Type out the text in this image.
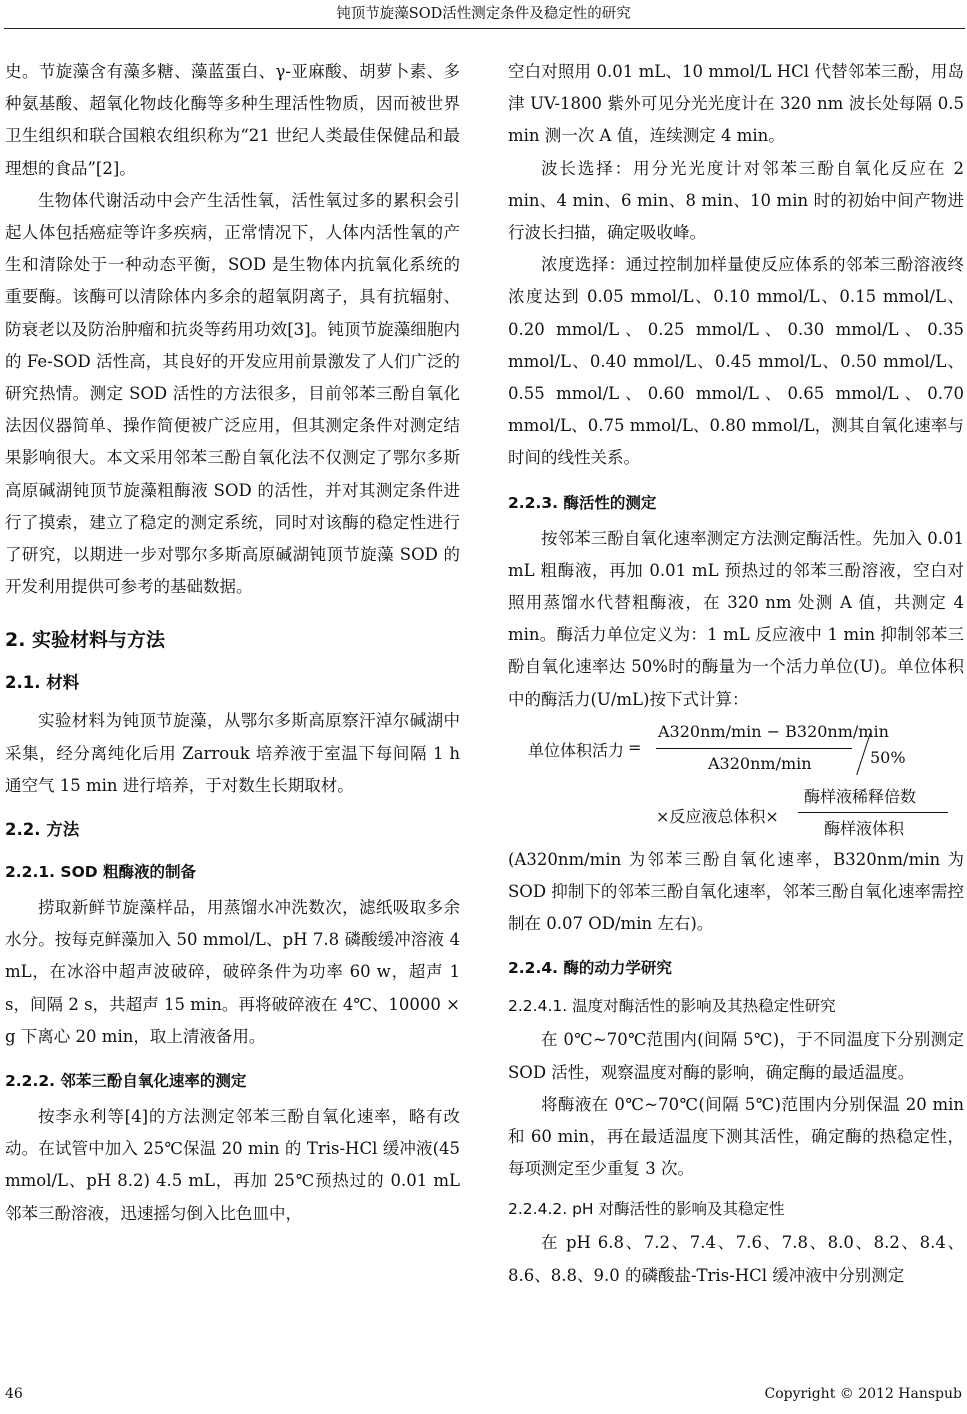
钝顶节旋藻SOD活性测定条件及稳定性的研究

史。节旋藻含有藻多糖、藻蓝蛋白、γ-亚麻酸、胡萝卜素、多种氨基酸、超氧化物歧化酶等多种生理活性物质，因而被世界卫生组织和联合国粮农组织称为“21 世纪人类最佳保健品和最理想的食品”[2]。

生物体代谢活动中会产生活性氧，活性氧过多的累积会引起人体包括癌症等许多疾病，正常情况下，人体内活性氧的产生和清除处于一种动态平衡，SOD 是生物体内抗氧化系统的重要酶。该酶可以清除体内多余的超氧阴离子，具有抗辐射、防衰老以及防治肿瘤和抗炎等药用功效[3]。钝顶节旋藻细胞内的 Fe-SOD 活性高，其良好的开发应用前景激发了人们广泛的研究热情。测定 SOD 活性的方法很多，目前邻苯三酚自氧化法因仪器简单、操作简便被广泛应用，但其测定条件对测定结果影响很大。本文采用邻苯三酚自氧化法不仅测定了鄂尔多斯高原碱湖钝顶节旋藻粗酶液 SOD 的活性，并对其测定条件进行了摸索，建立了稳定的测定系统，同时对该酶的稳定性进行了研究，以期进一步对鄂尔多斯高原碱湖钝顶节旋藻 SOD 的开发利用提供可参考的基础数据。

2. 实验材料与方法
2.1. 材料

实验材料为钝顶节旋藻，从鄂尔多斯高原察汗淖尔碱湖中采集，经分离纯化后用 Zarrouk 培养液于室温下每间隔 1 h 通空气 15 min 进行培养，于对数生长期取材。

2.2. 方法
2.2.1. SOD 粗酶液的制备

捞取新鲜节旋藻样品，用蒸馏水冲洗数次，滤纸吸取多余水分。按每克鲜藻加入 50 mmol/L、pH 7.8 磷酸缓冲溶液 4 mL，在冰浴中超声波破碎，破碎条件为功率 60 w，超声 1 s，间隔 2 s，共超声 15 min。再将破碎液在 4℃、10000 × g 下离心 20 min，取上清液备用。

2.2.2. 邻苯三酚自氧化速率的测定

按李永利等[4]的方法测定邻苯三酚自氧化速率，略有改动。在试管中加入 25℃保温 20 min 的 Tris-HCl 缓冲液(45 mmol/L、pH 8.2) 4.5 mL，再加 25℃预热过的 0.01 mL 邻苯三酚溶液，迅速摇匀倒入比色皿中，

空白对照用 0.01 mL、10 mmol/L HCl 代替邻苯三酚，用岛津 UV-1800 紫外可见分光光度计在 320 nm 波长处每隔 0.5 min 测一次 A 值，连续测定 4 min。

波长选择：用分光光度计对邻苯三酚自氧化反应在 2 min、4 min、6 min、8 min、10 min 时的初始中间产物进行波长扫描，确定吸收峰。

浓度选择：通过控制加样量使反应体系的邻苯三酚溶液终浓度达到 0.05 mmol/L、0.10 mmol/L、0.15 mmol/L、0.20 mmol/L、0.25 mmol/L、0.30 mmol/L、0.35 mmol/L、0.40 mmol/L、0.45 mmol/L、0.50 mmol/L、0.55 mmol/L、0.60 mmol/L、0.65 mmol/L、0.70 mmol/L、0.75 mmol/L、0.80 mmol/L，测其自氧化速率与时间的线性关系。

2.2.3. 酶活性的测定

按邻苯三酚自氧化速率测定方法测定酶活性。先加入 0.01 mL 粗酶液，再加 0.01 mL 预热过的邻苯三酚溶液，空白对照用蒸馏水代替粗酶液，在 320 nm 处测 A 值，共测定 4 min。酶活力单位定义为：1 mL 反应液中 1 min 抑制邻苯三酚自氧化速率达 50%时的酶量为一个活力单位(U)。单位体积中的酶活力(U/mL)按下式计算：

单位体积活力 =
A320nm/min − B320nm/min
A320nm/min	50%
×反应液总体积×
酶样液稀释倍数
酶样液体积

(A320nm/min 为邻苯三酚自氧化速率，B320nm/min 为 SOD 抑制下的邻苯三酚自氧化速率，邻苯三酚自氧化速率需控制在 0.07 OD/min 左右)。

2.2.4. 酶的动力学研究
2.2.4.1. 温度对酶活性的影响及其热稳定性研究

在 0℃~70℃范围内(间隔 5℃)，于不同温度下分别测定 SOD 活性，观察温度对酶的影响，确定酶的最适温度。

将酶液在 0℃~70℃(间隔 5℃)范围内分别保温 20 min 和 60 min，再在最适温度下测其活性，确定酶的热稳定性，每项测定至少重复 3 次。

2.2.4.2. pH 对酶活性的影响及其稳定性

在 pH 6.8、7.2、7.4、7.6、7.8、8.0、8.2、8.4、8.6、8.8、9.0 的磷酸盐-Tris-HCl 缓冲液中分别测定

46	Copyright © 2012 Hanspub
